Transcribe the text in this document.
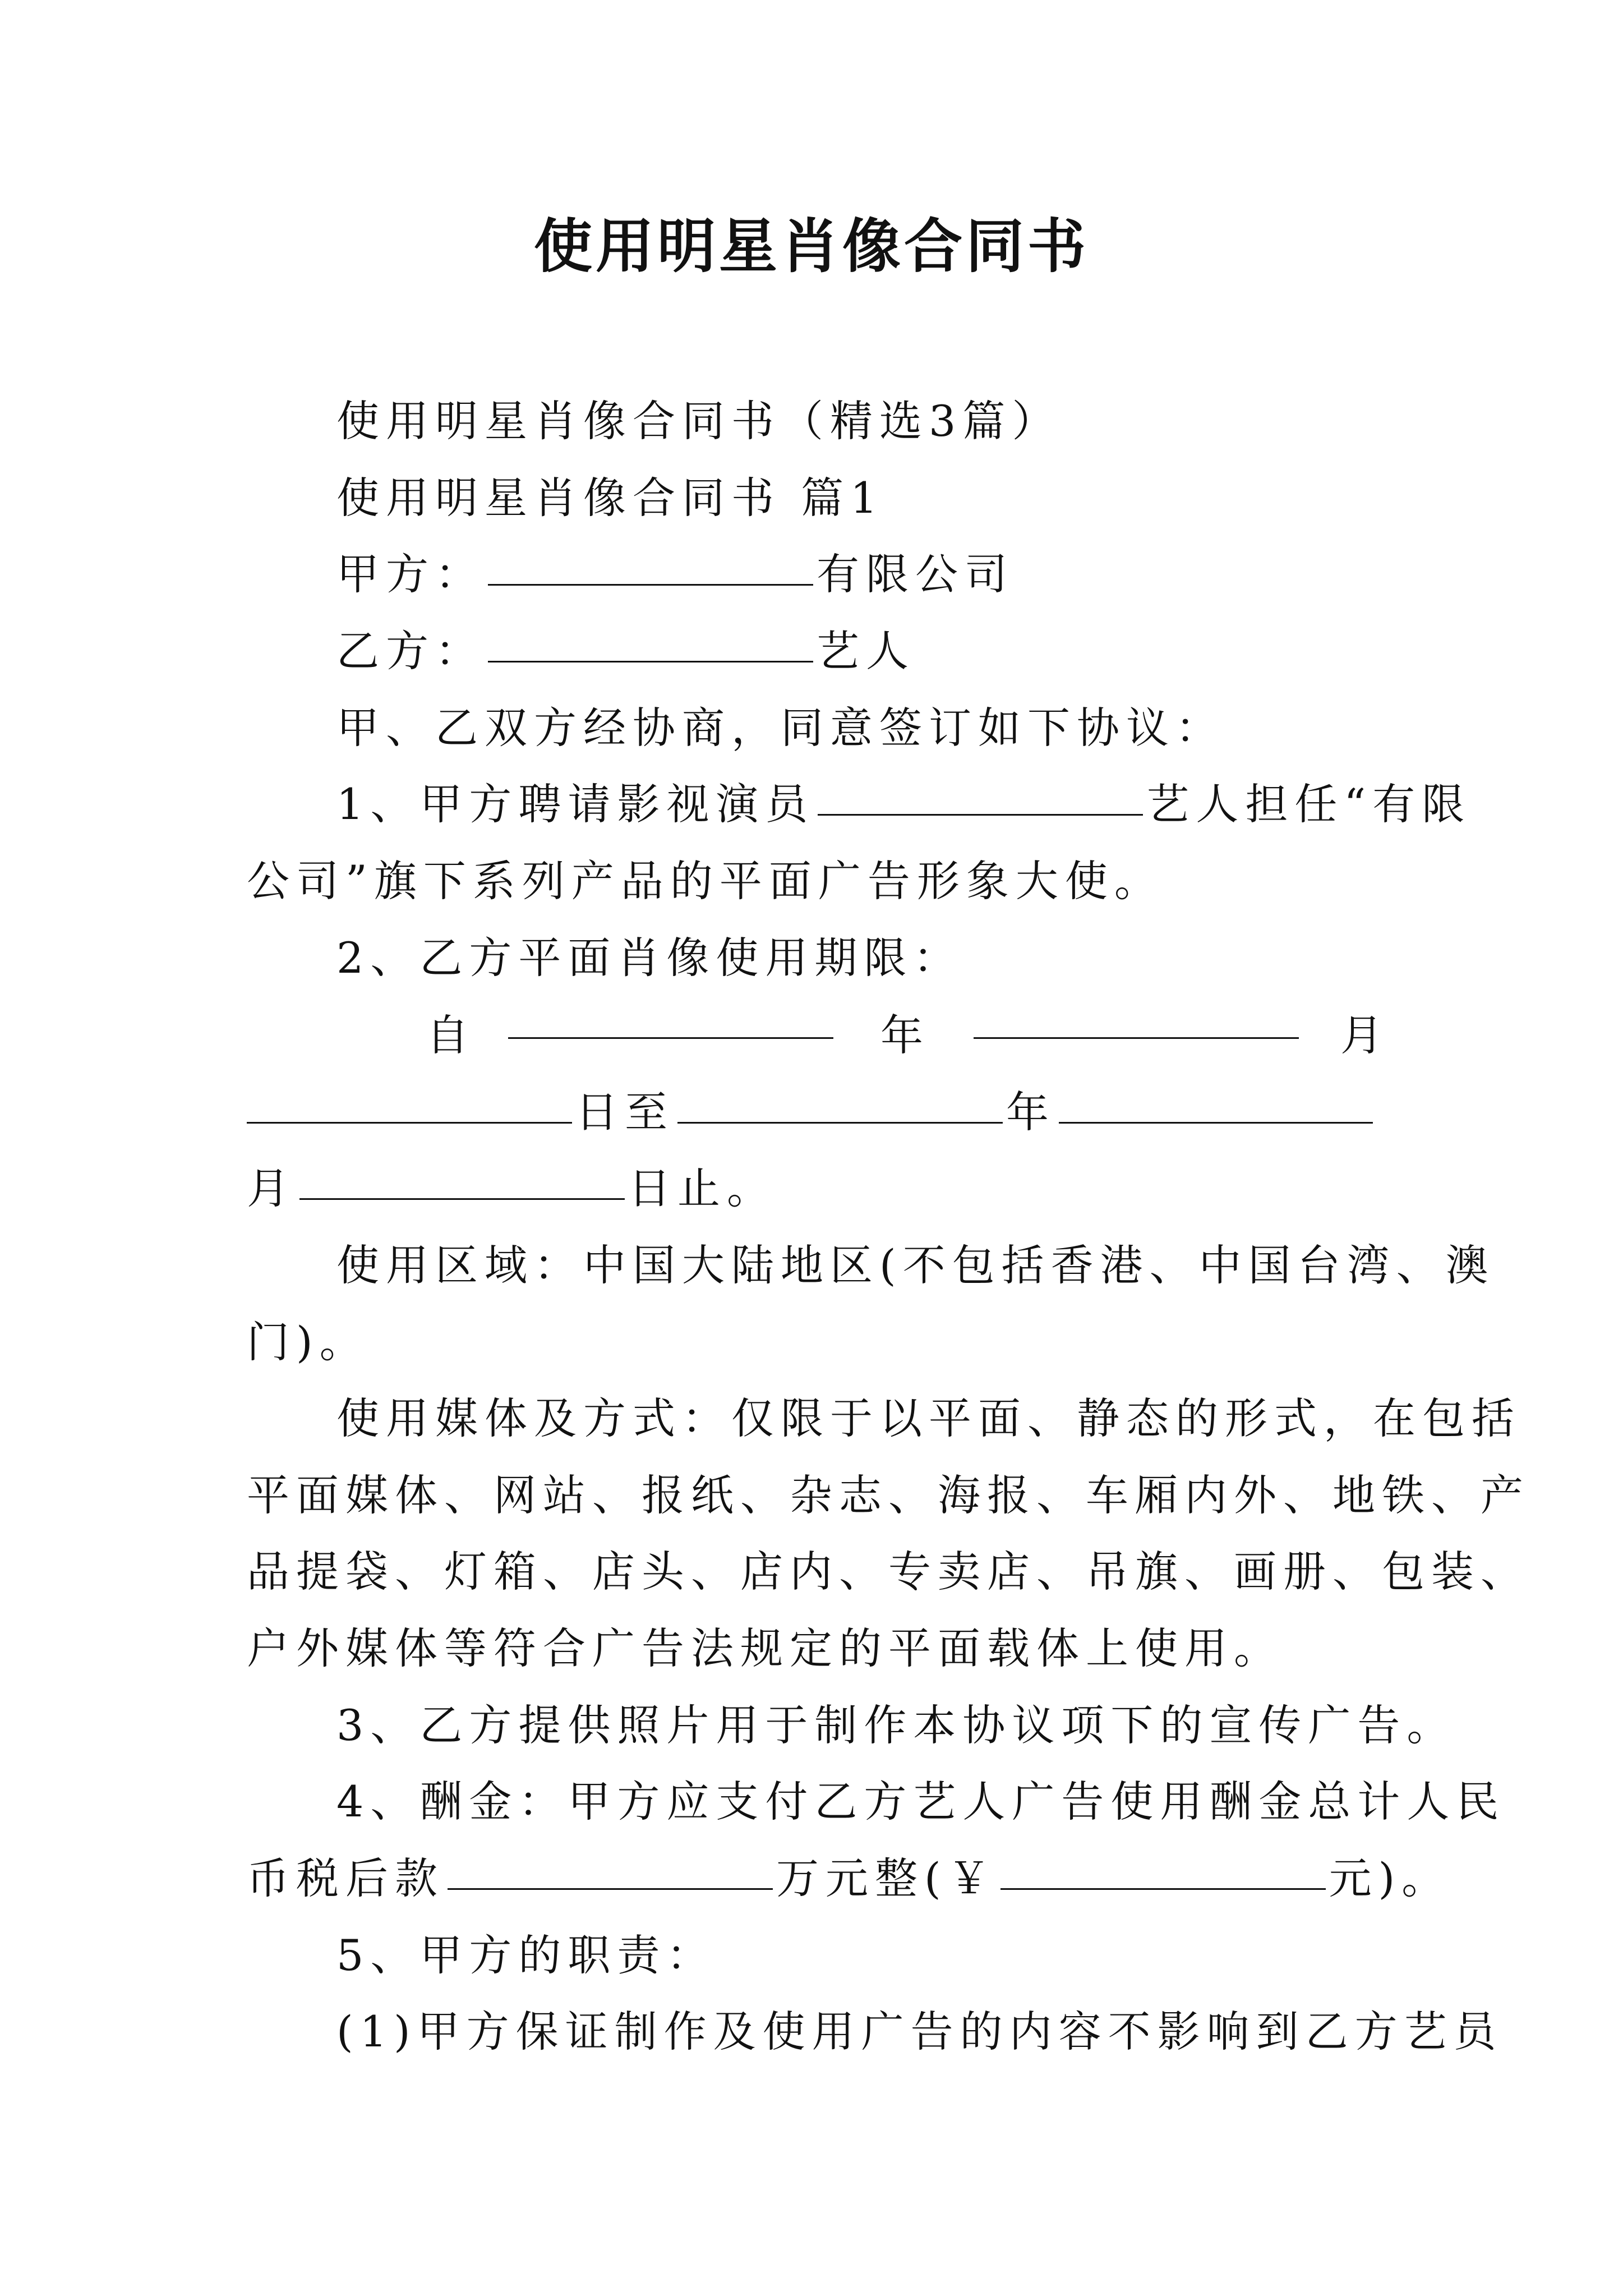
使用明星肖像合同书
使用明星肖像合同书（精选3篇）
使用明星肖像合同书 篇1
甲方：	有限公司
乙方：	艺人
甲、乙双方经协商，同意签订如下协议：
1、甲方聘请影视演员	艺人担任“有限
公司”旗下系列产品的平面广告形象大使。
2、乙方平面肖像使用期限：
自	年	月
日至	年
月	日止。
使用区域：中国大陆地区(不包括香港、中国台湾、澳
门)。
使用媒体及方式：仅限于以平面、静态的形式，在包括
平面媒体、网站、报纸、杂志、海报、车厢内外、地铁、产
品提袋、灯箱、店头、店内、专卖店、吊旗、画册、包装、
户外媒体等符合广告法规定的平面载体上使用。
3、乙方提供照片用于制作本协议项下的宣传广告。
4、酬金：甲方应支付乙方艺人广告使用酬金总计人民
币税后款	万元整(￥	元)。
5、甲方的职责：
(1)甲方保证制作及使用广告的内容不影响到乙方艺员
